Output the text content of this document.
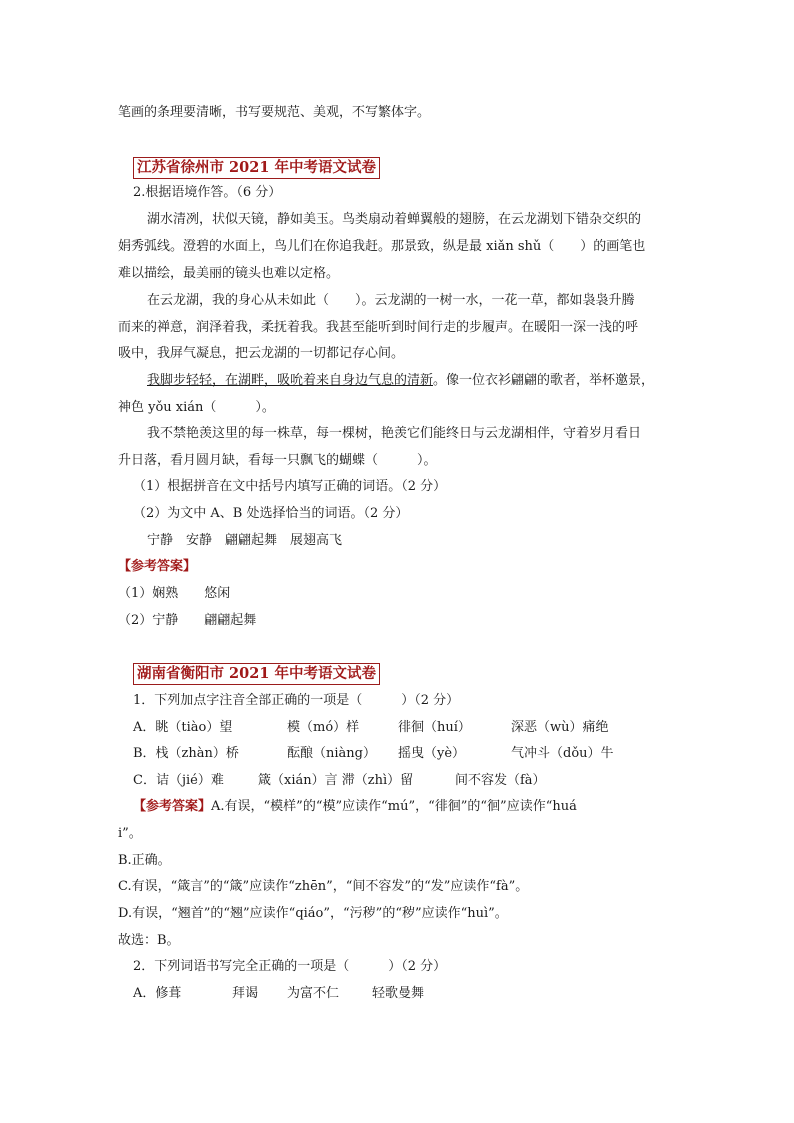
笔画的条理要清晰，书写要规范、美观，不写繁体字。
江苏省徐州市 2021 年中考语文试卷
2.根据语境作答。（6 分）
湖水清冽，状似天镜，静如美玉。鸟类扇动着蝉翼般的翅膀，在云龙湖划下错杂交织的
娟秀弧线。澄碧的水面上，鸟儿们在你追我赶。那景致，纵是最 xiǎn shǔ（　　）的画笔也
难以描绘，最美丽的镜头也难以定格。
在云龙湖，我的身心从未如此（　　）。云龙湖的一树一水，一花一草，都如袅袅升腾
而来的禅意，润泽着我，柔抚着我。我甚至能听到时间行走的步履声。在暖阳一深一浅的呼
吸中，我屏气凝息，把云龙湖的一切都记存心间。
我脚步轻轻，在湖畔，吸吮着来自身边气息的清新。像一位衣衫翩翩的歌者，举杯邀景，
神色 yǒu xián（　　　）。
我不禁艳羡这里的每一株草，每一棵树，艳羡它们能终日与云龙湖相伴，守着岁月看日
升日落，看月圆月缺，看每一只飘飞的蝴蝶（　　　）。
（1）根据拼音在文中括号内填写正确的词语。（2 分）
（2）为文中 A、B 处选择恰当的词语。（2 分）
宁静　安静　翩翩起舞　展翅高飞
【参考答案】
（1）娴熟　　悠闲
（2）宁静　　翩翩起舞
湖南省衡阳市 2021 年中考语文试卷
1．下列加点字注音全部正确的一项是（　　　）（2 分）
A．眺（tiào）望	模（mó）样	徘徊（huí）	深恶（wù）痛绝
B．栈（zhàn）桥	酝酿（niàng） 摇曳（yè）	气冲斗（dǒu）牛
C．诘（jié）难	箴（xián）言 滞（zhì）留	间不容发（fà）
【参考答案】A.有误，“模样”的“模”应读作“mú”，“徘徊”的“徊”应读作“huá
i”。
B.正确。
C.有误，“箴言”的“箴”应读作“zhēn”，“间不容发”的“发”应读作“fà”。
D.有误，“翘首”的“翘”应读作“qiáo”，“污秽”的“秽”应读作“huì”。
故选：B。
2．下列词语书写完全正确的一项是（　　　）（2 分）
A．修葺	拜谒 为富不仁	轻歌曼舞
